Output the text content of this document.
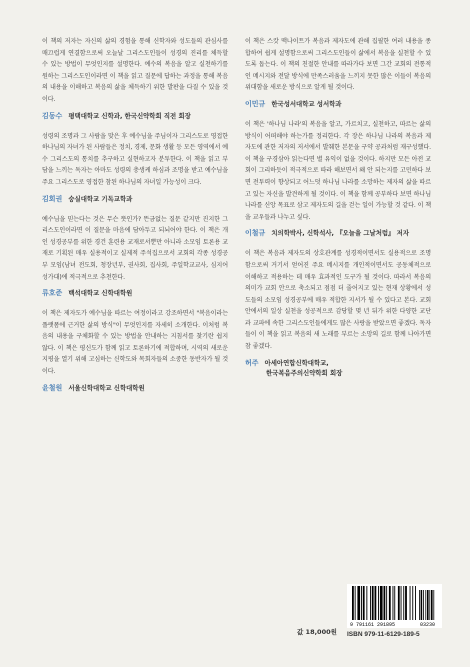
이 책의 저자는 자신의 삶의 경험을 통해 신학자와 성도들의 관심사를 매끄럽게 연결함으로써 오늘날 그리스도인들이 성경의 진리를 체득할 수 있는 방법이 무엇인지를 설명한다. 예수의 복음을 알고 실천하기를 원하는 그리스도인이라면 이 책을 읽고 질문에 답하는 과정을 통해 복음의 내용을 이해하고 복음의 삶을 체득하기 위한 발판을 다질 수 있을 것이다.

김동수 평택대학교 신학과, 한국신약학회 직전 회장

성령의 조명과 그 사람을 맞은 후 예수님을 주님이자 그리스도로 영접한 하나님의 자녀가 된 사람들은 정치, 경제, 문화 생활 등 모든 영역에서 예수 그리스도의 통치를 추구하고 실현하고자 분투한다. 이 책을 읽고 부담을 느끼는 독자는 아마도 성령의 충생케 하심과 조명을 받고 예수님을 주요 그리스도로 영접한 참된 하나님의 자녀일 가능성이 크다.

김회권 숭실대학교 기독교학과

예수님을 믿는다는 것은 무슨 뜻인가? 뜬금없는 질문 같지만 진지한 그리스도인이라면 이 질문을 마음에 담아두고 되뇌어야 한다. 이 책은 개인 성경공부를 위한 경건 훈련용 교재로서뿐만 아니라 소모임 토론용 교재로 기획된 매우 실용적이고 실제적 주석집으로서 교회의 각종 성경공부 모임(남녀 전도회, 청장년부, 권사회, 집사회, 주일학교교사, 심지어 성가대)에 적극적으로 추천한다.

류호준 백석대학교 신학대학원

이 책은 제자도가 예수님을 따르는 여정이라고 강조하면서 "복음이라는 플랫폼에 근거한 삶의 방식"이 무엇인지를 자세히 소개한다. 이처럼 복음의 내용을 구체화할 수 있는 방법을 안내하는 지침서를 찾기란 쉽지 않다. 이 책은 평신도가 함께 읽고 토론하기에 적합하며, 시역의 새로운 지평을 열기 위해 고심하는 신학도와 목회자들의 소중한 동반자가 될 것이다.

윤철원 서울신학대학교 신학대학원

이 책은 스캇 맥나이트가 복음과 제자도에 관해 집필한 여러 내용을 종합하여 쉽게 설명함으로써 그리스도인들이 삶에서 복음을 실천할 수 있도록 돕는다. 이 책의 친절한 안내를 따라가다 보면 그간 교회의 전통적인 메시지와 전달 방식에 만족스러움을 느끼지 못한 많은 이들이 복음의 위대함을 새로운 방식으로 알게 될 것이다.

이민규 한국성서대학교 성서학과

이 책은 '하나님 나라'의 복음을 알고, 가르치고, 실천하고, 따르는 삶의 방식이 어떠해야 하는가를 정리한다. 각 장은 하나님 나라의 복음과 제자도에 관한 저자의 저서에서 발췌한 본문을 구약 공과처럼 재구성했다. 이 책을 구경삼아 읽는다면 별 유익이 없을 것이다. 하지만 모든 아전 교회이 그리하듯이 적극적으로 따라 해보면서 왜 안 되는지를 고민하다 보면 전투력이 향상되고 어느덧 하나님 나라를 소망하는 제자의 삶을 따르고 있는 자신을 발견하게 될 것이다. 이 책을 함께 공부하다 보면 하나님 나라를 신앙 목표로 삼고 제자도의 길을 걷는 일이 가능할 것 같다. 이 책을 교우들과 나누고 싶다.

이철규 치의학박사, 신학석사, 『오늘을 그날처럼』 저자

이 책은 복음과 제자도의 상호관계를 성경적이면서도 실용적으로 조명함으로써 거기서 얻어진 주요 메시지를 개인적이면서도 공동체적으로 이해하고 적용하는 데 매우 효과적인 도구가 될 것이다. 따라서 복음의 의미가 교회 안으로 축소되고 점점 더 줄어지고 있는 현재 상황에서 성도들의 소모임 성경공부에 매우 적합한 지서가 될 수 있다고 본다. 교회 안에서의 일상 실천을 성공적으로 감당할 몇 년 뒤가 위한 다양한 교단과 교파에 속한 그리스도인들에게도 많은 사랑을 받았으면 좋겠다. 독자들이 이 책을 읽고 복음의 새 노래를 부르는 소망의 길로 함께 나아가면 참 좋겠다.

허주 아세아연합신학대학교,
한국복음주의신약학회 회장
값 18,000원
9 791161 291895	03230
ISBN 979-11-6129-189-5
